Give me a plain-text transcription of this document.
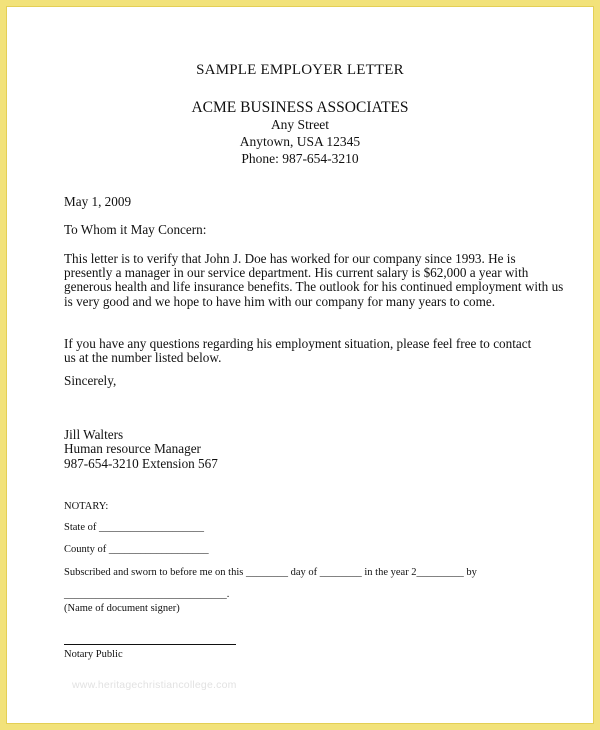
SAMPLE EMPLOYER LETTER
ACME BUSINESS ASSOCIATES
Any Street
Anytown, USA 12345
Phone: 987-654-3210
May 1, 2009
To Whom it May Concern:
This letter is to verify that John J. Doe has worked for our company since 1993. He is presently a manager in our service department. His current salary is $62,000 a year with generous health and life insurance benefits. The outlook for his continued employment with us is very good and we hope to have him with our company for many years to come.
If you have any questions regarding his employment situation, please feel free to contact us at the number listed below.
Sincerely,
Jill Walters
Human resource Manager
987-654-3210 Extension 567
NOTARY:
State of ____________________
County of ___________________
Subscribed and sworn to before me on this ________ day of ________ in the year 2_________ by
_______________________________.
(Name of document signer)
Notary Public
www.heritagechristiancollege.com
